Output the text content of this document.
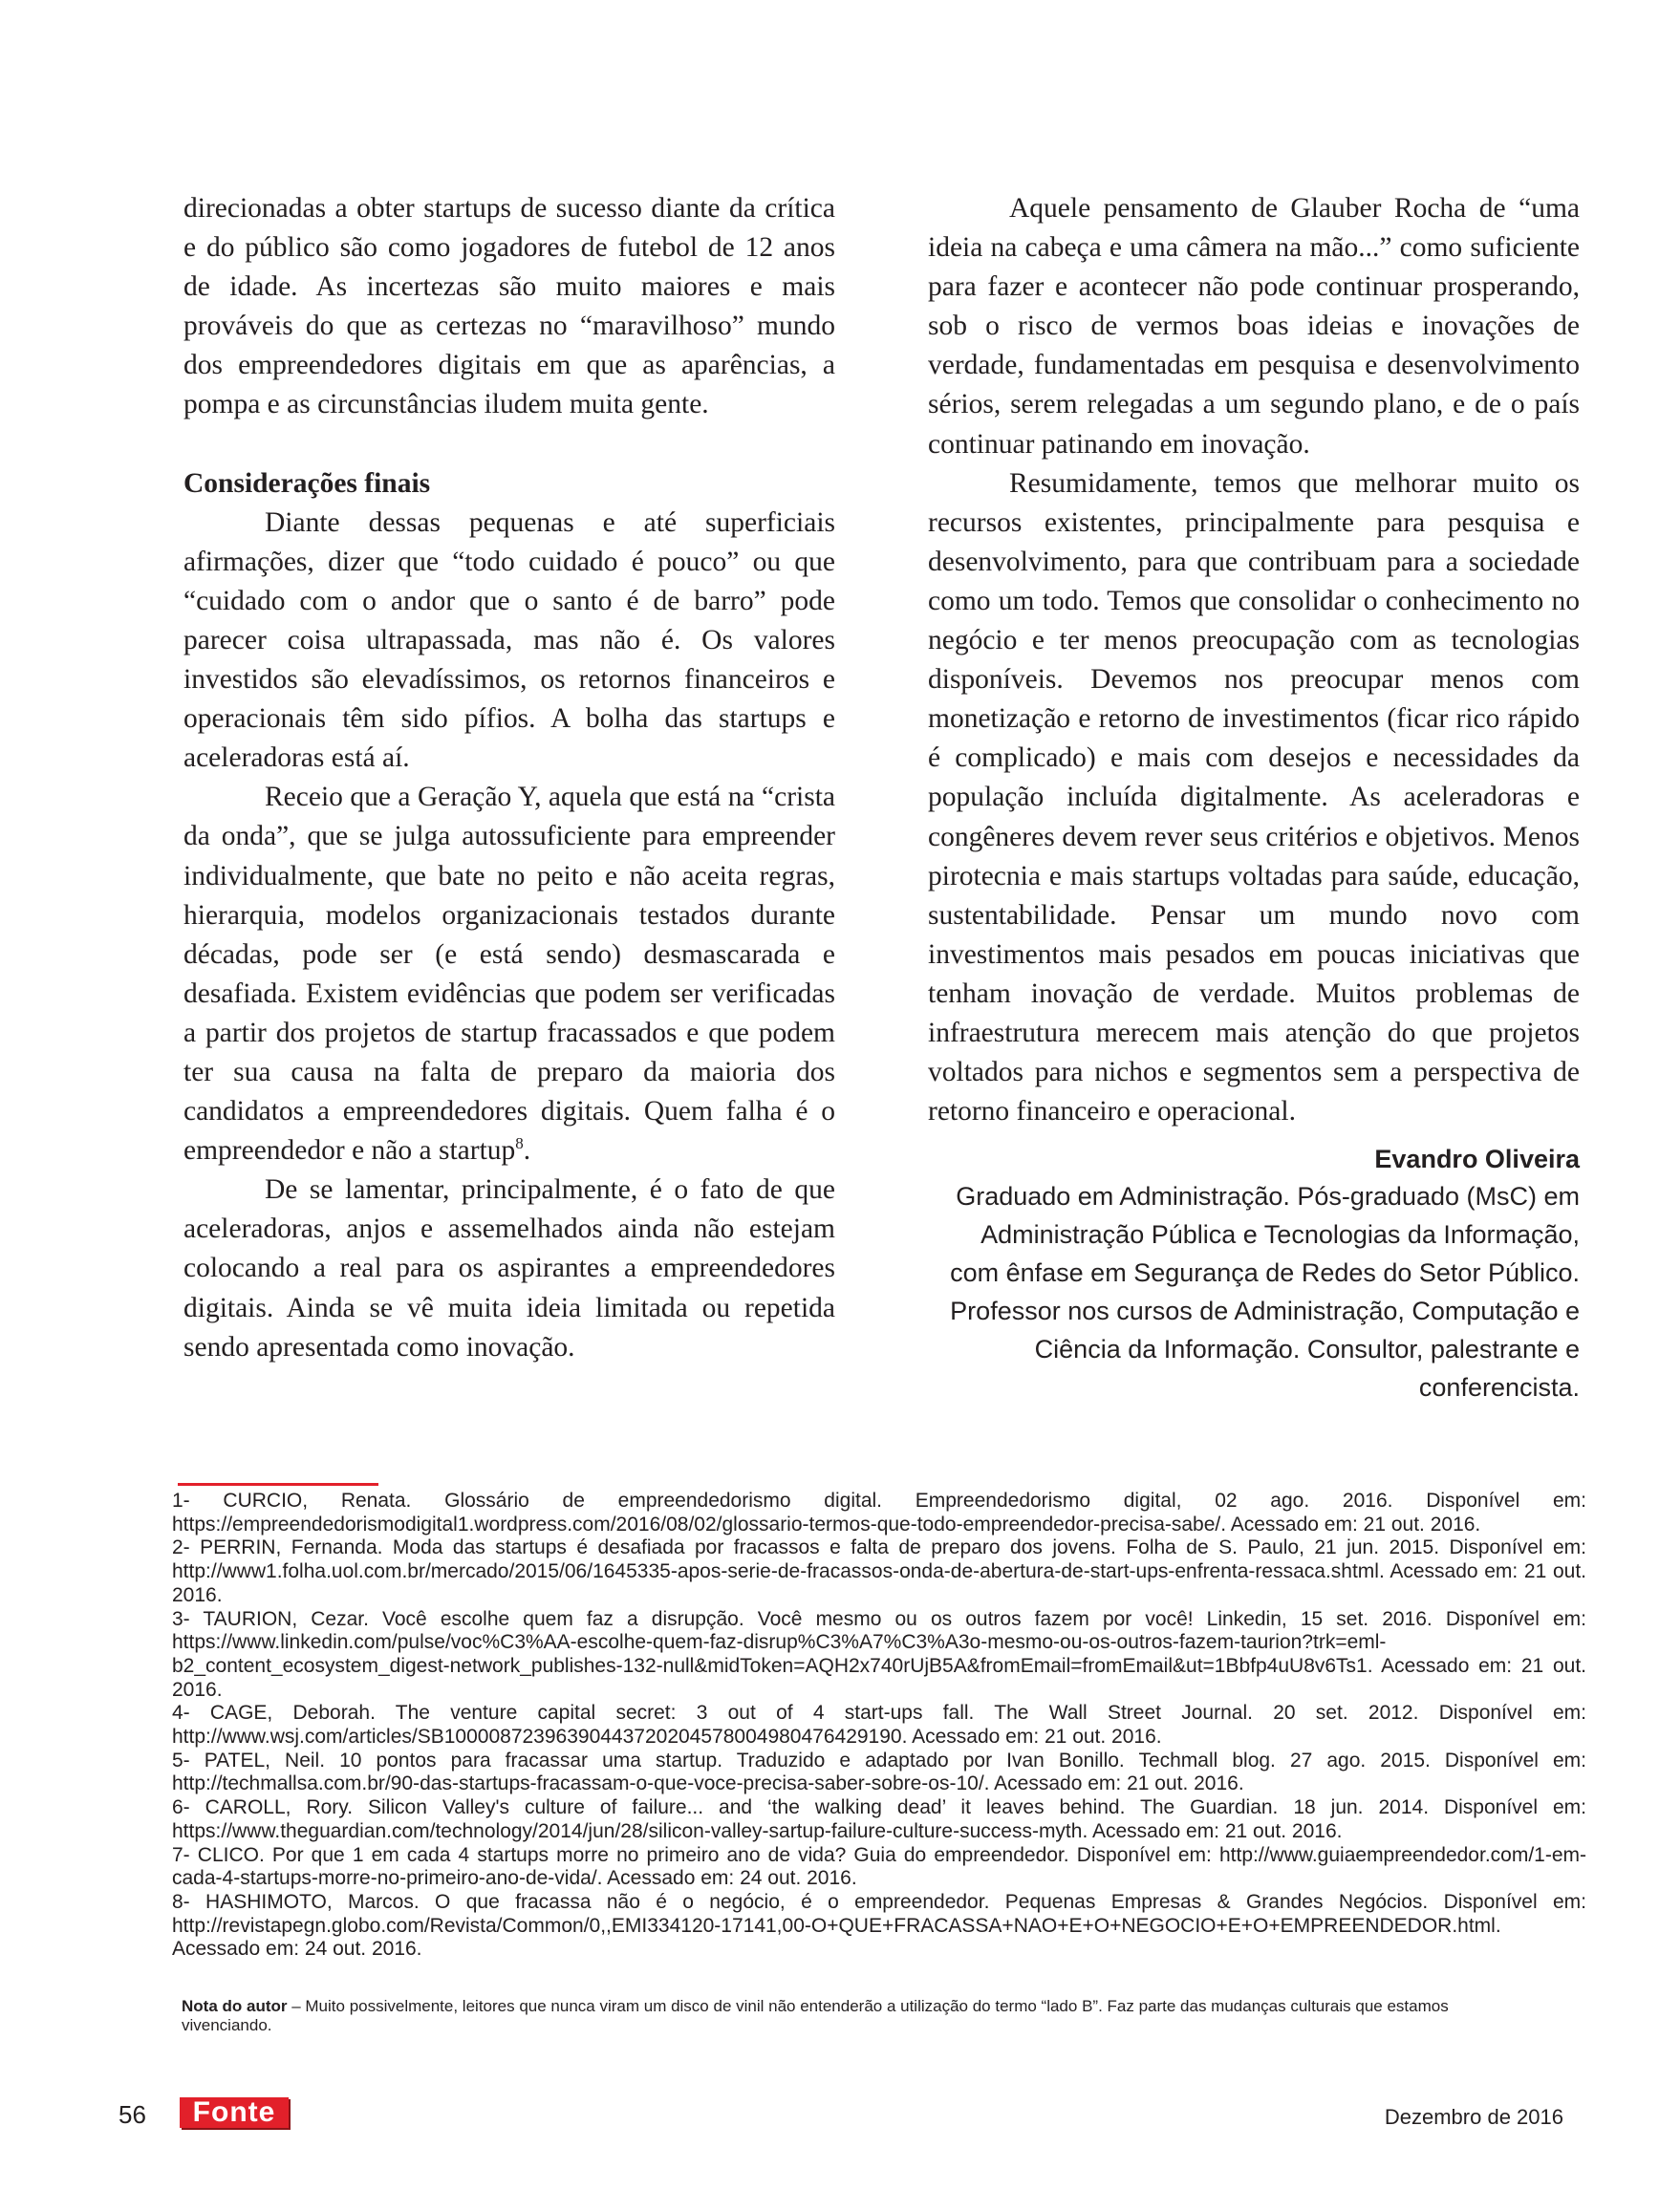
direcionadas a obter startups de sucesso diante da crítica e do público são como jogadores de futebol de 12 anos de idade. As incertezas são muito maiores e mais prováveis do que as certezas no “maravilhoso” mundo dos empreendedores digitais em que as aparências, a pompa e as circunstâncias iludem muita gente.

Considerações finais

Diante dessas pequenas e até superficiais afirmações, dizer que “todo cuidado é pouco” ou que “cuidado com o andor que o santo é de barro” pode parecer coisa ultrapassada, mas não é. Os valores investidos são elevadíssimos, os retornos financeiros e operacionais têm sido pífios. A bolha das startups e aceleradoras está aí.

Receio que a Geração Y, aquela que está na “crista da onda”, que se julga autossuficiente para empreender individualmente, que bate no peito e não aceita regras, hierarquia, modelos organizacionais testados durante décadas, pode ser (e está sendo) desmascarada e desafiada. Existem evidências que podem ser verificadas a partir dos projetos de startup fracassados e que podem ter sua causa na falta de preparo da maioria dos candidatos a empreendedores digitais. Quem falha é o empreendedor e não a startup$^8$.

De se lamentar, principalmente, é o fato de que aceleradoras, anjos e assemelhados ainda não estejam colocando a real para os aspirantes a empreendedores digitais. Ainda se vê muita ideia limitada ou repetida sendo apresentada como inovação.

Aquele pensamento de Glauber Rocha de “uma ideia na cabeça e uma câmera na mão...” como suficiente para fazer e acontecer não pode continuar prosperando, sob o risco de vermos boas ideias e inovações de verdade, fundamentadas em pesquisa e desenvolvimento sérios, serem relegadas a um segundo plano, e de o país continuar patinando em inovação.

Resumidamente, temos que melhorar muito os recursos existentes, principalmente para pesquisa e desenvolvimento, para que contribuam para a sociedade como um todo. Temos que consolidar o conhecimento no negócio e ter menos preocupação com as tecnologias disponíveis. Devemos nos preocupar menos com monetização e retorno de investimentos (ficar rico rápido é complicado) e mais com desejos e necessidades da população incluída digitalmente. As aceleradoras e congêneres devem rever seus critérios e objetivos. Menos pirotecnia e mais startups voltadas para saúde, educação, sustentabilidade. Pensar um mundo novo com investimentos mais pesados em poucas iniciativas que tenham inovação de verdade. Muitos problemas de infraestrutura merecem mais atenção do que projetos voltados para nichos e segmentos sem a perspectiva de retorno financeiro e operacional.

Evandro Oliveira
Graduado em Administração. Pós-graduado (MsC) em Administração Pública e Tecnologias da Informação, com ênfase em Segurança de Redes do Setor Público. Professor nos cursos de Administração, Computação e Ciência da Informação. Consultor, palestrante e conferencista.

1- CURCIO, Renata. Glossário de empreendedorismo digital. Empreendedorismo digital, 02 ago. 2016. Disponível em: https://empreendedorismodigital1.wordpress.com/2016/08/02/glossario-termos-que-todo-empreendedor-precisa-sabe/. Acessado em: 21 out. 2016.

2- PERRIN, Fernanda. Moda das startups é desafiada por fracassos e falta de preparo dos jovens. Folha de S. Paulo, 21 jun. 2015. Disponível em: http://www1.folha.uol.com.br/mercado/2015/06/1645335-apos-serie-de-fracassos-onda-de-abertura-de-start-ups-enfrenta-ressaca.shtml. Acessado em: 21 out. 2016.

3- TAURION, Cezar. Você escolhe quem faz a disrupção. Você mesmo ou os outros fazem por você! Linkedin, 15 set. 2016. Disponível em: https://www.linkedin.com/pulse/voc%C3%AA-escolhe-quem-faz-disrup%C3%A7%C3%A3o-mesmo-ou-os-outros-fazem-taurion?trk=eml-b2_content_ecosystem_digest-network_publishes-132-null&midToken=AQH2x740rUjB5A&fromEmail=fromEmail&ut=1Bbfp4uU8v6Ts1. Acessado em: 21 out. 2016.

4- CAGE, Deborah. The venture capital secret: 3 out of 4 start-ups fall. The Wall Street Journal. 20 set. 2012. Disponível em: http://www.wsj.com/articles/SB10000872396390443720204578004980476429190. Acessado em: 21 out. 2016.

5- PATEL, Neil. 10 pontos para fracassar uma startup. Traduzido e adaptado por Ivan Bonillo. Techmall blog. 27 ago. 2015. Disponível em: http://techmallsa.com.br/90-das-startups-fracassam-o-que-voce-precisa-saber-sobre-os-10/. Acessado em: 21 out. 2016.

6- CAROLL, Rory. Silicon Valley's culture of failure... and ‘the walking dead’ it leaves behind. The Guardian. 18 jun. 2014. Disponível em: https://www.theguardian.com/technology/2014/jun/28/silicon-valley-sartup-failure-culture-success-myth. Acessado em: 21 out. 2016.

7- CLICO. Por que 1 em cada 4 startups morre no primeiro ano de vida? Guia do empreendedor. Disponível em: http://www.guiaempreendedor.com/1-em-cada-4-startups-morre-no-primeiro-ano-de-vida/. Acessado em: 24 out. 2016.

8- HASHIMOTO, Marcos. O que fracassa não é o negócio, é o empreendedor. Pequenas Empresas & Grandes Negócios. Disponível em: http://revistapegn.globo.com/Revista/Common/0,,EMI334120-17141,00-O+QUE+FRACASSA+NAO+E+O+NEGOCIO+E+O+EMPREENDEDOR.html. Acessado em: 24 out. 2016.

Nota do autor – Muito possivelmente, leitores que nunca viram um disco de vinil não entenderão a utilização do termo “lado B”. Faz parte das mudanças culturais que estamos vivenciando.
56	Fonte	Dezembro de 2016
